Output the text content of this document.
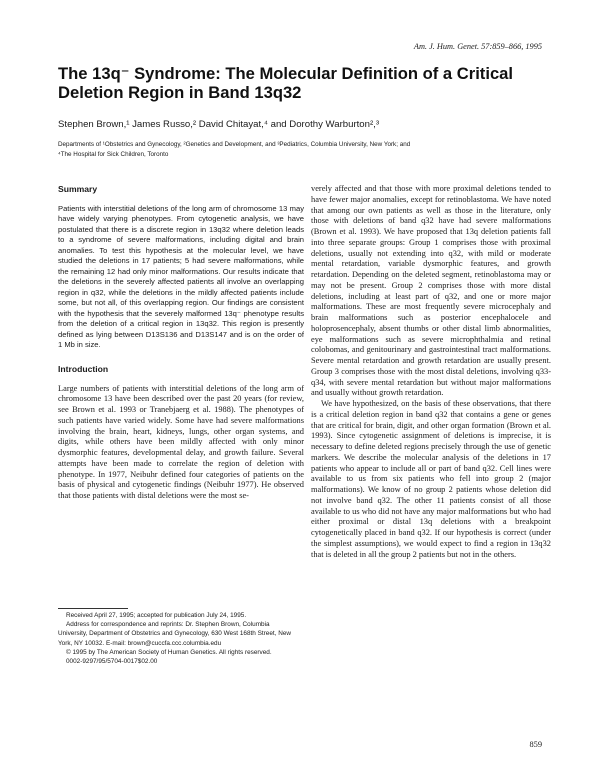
Am. J. Hum. Genet. 57:859–866, 1995
The 13q⁻ Syndrome: The Molecular Definition of a Critical Deletion Region in Band 13q32
Stephen Brown,¹ James Russo,² David Chitayat,⁴ and Dorothy Warburton²,³
Departments of ¹Obstetrics and Gynecology, ²Genetics and Development, and ³Pediatrics, Columbia University, New York; and
⁴The Hospital for Sick Children, Toronto
Summary

Patients with interstitial deletions of the long arm of chromosome 13 may have widely varying phenotypes. From cytogenetic analysis, we have postulated that there is a discrete region in 13q32 where deletion leads to a syndrome of severe malformations, including digital and brain anomalies. To test this hypothesis at the molecular level, we have studied the deletions in 17 patients; 5 had severe malformations, while the remaining 12 had only minor malformations. Our results indicate that the deletions in the severely affected patients all involve an overlapping region in q32, while the deletions in the mildly affected patients include some, but not all, of this overlapping region. Our findings are consistent with the hypothesis that the severely malformed 13q⁻ phenotype results from the deletion of a critical region in 13q32. This region is presently defined as lying between D13S136 and D13S147 and is on the order of 1 Mb in size.

Introduction

Large numbers of patients with interstitial deletions of the long arm of chromosome 13 have been described over the past 20 years (for review, see Brown et al. 1993 or Tranebjaerg et al. 1988). The phenotypes of such patients have varied widely. Some have had severe malformations involving the brain, heart, kidneys, lungs, other organ systems, and digits, while others have been mildly affected with only minor dysmorphic features, developmental delay, and growth failure. Several attempts have been made to correlate the region of deletion with phenotype. In 1977, Neibuhr defined four categories of patients on the basis of physical and cytogenetic findings (Neibuhr 1977). He observed that those patients with distal deletions were the most se-

verely affected and that those with more proximal deletions tended to have fewer major anomalies, except for retinoblastoma. We have noted that among our own patients as well as those in the literature, only those with deletions of band q32 have had severe malformations (Brown et al. 1993). We have proposed that 13q deletion patients fall into three separate groups: Group 1 comprises those with proximal deletions, usually not extending into q32, with mild or moderate mental retardation, variable dysmorphic features, and growth retardation. Depending on the deleted segment, retinoblastoma may or may not be present. Group 2 comprises those with more distal deletions, including at least part of q32, and one or more major malformations. These are most frequently severe microcephaly and brain malformations such as posterior encephalocele and holoprosencephaly, absent thumbs or other distal limb abnormalities, eye malformations such as severe microphthalmia and retinal colobomas, and genitourinary and gastrointestinal tract malformations. Severe mental retardation and growth retardation are usually present. Group 3 comprises those with the most distal deletions, involving q33-q34, with severe mental retardation but without major malformations and usually without growth retardation.

We have hypothesized, on the basis of these observations, that there is a critical deletion region in band q32 that contains a gene or genes that are critical for brain, digit, and other organ formation (Brown et al. 1993). Since cytogenetic assignment of deletions is imprecise, it is necessary to define deleted regions precisely through the use of genetic markers. We describe the molecular analysis of the deletions in 17 patients who appear to include all or part of band q32. Cell lines were available to us from six patients who fell into group 2 (major malformations). We know of no group 2 patients whose deletion did not involve band q32. The other 11 patients consist of all those available to us who did not have any major malformations but who had either proximal or distal 13q deletions with a breakpoint cytogenetically placed in band q32. If our hypothesis is correct (under the simplest assumptions), we would expect to find a region in 13q32 that is deleted in all the group 2 patients but not in the others.

Received April 27, 1995; accepted for publication July 24, 1995.
Address for correspondence and reprints: Dr. Stephen Brown, Columbia University, Department of Obstetrics and Gynecology, 630 West 168th Street, New York, NY 10032. E-mail: brown@cuccfa.ccc.columbia.edu
© 1995 by The American Society of Human Genetics. All rights reserved.
0002-9297/95/5704-0017$02.00
859
